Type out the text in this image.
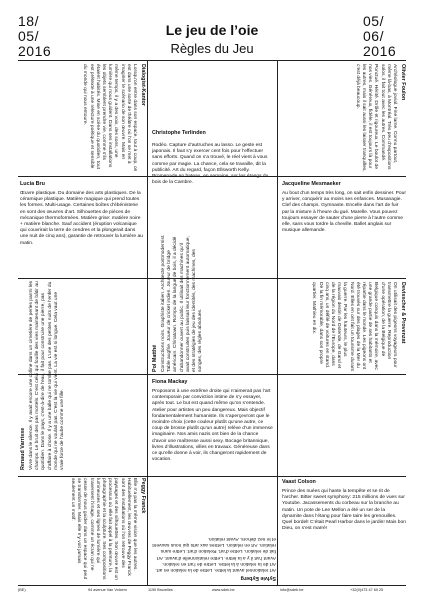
18/
05/
2016
05/
06/
2016
Le jeu de l’oie
Règles du Jeu
Dialogist-Kantor
Lorsqu’on entre dans son espace, tout à coup, on est dans une sorte de théâtre où l’on se met à imaginer le scénario de son œuvre. Mais en même temps, il y a des voix, des sons, une lumière qui nous guident. Dans ses installations les objets semblent prendre vie, comme s’ils étaient habités. Mise en scène du quotidien, tout est prétexte à une relecture poétique et sensible du monde qui nous entoure.	Olivier Foulon
Archéologue jovial. Fine lame. Connu partout, même là-bas, à Montréal. Très peu d’expositions solos, il fait tout avec les autres. Commandé. Ponctué. Hérité. Drôle et rigoureux. Le boulot de nos vies. Généreux, fidèle, il est toujours là pour les autres, mais il sait aussi les laisser tranquilles, c’est déjà beaucoup.
Christophe Terlinden
Rodéo. Capture d’autruches au lasso. Le geste est japonais. Il faut s’y exercer cent fois pour l’effectuer sans efforts. Quand on s’a trouvé, le réel vient à vous comme par magie. La chance, cela se travaille, dit la publicité. Art du regard, façon Ellsworth Kelly. Promenade en bateau, en semaine, sur les étangs du bois de la Cambre.
Lucia Bru
Œuvre plastique. Du domaine des arts plastiques. De la céramique plastique. Matière magique qui prend toutes les formes. Multi-usage. Certaines boîtes d’ébénisterie en sont des œuvres d’art. Silhouettes de pièces de mécanique thermoformées. Matière grise: matière noire + matière blanche. Sauf accident (éruption volcanique qui couvrirait la terre de cendres et la plongerait dans une nuit de cinq ans), garantie de retrouver la lumière au matin.
Jacqueline Mesmaeker
Au bout d’un temps très long, on sait enfin dessiner. Pour y arriver, conquérir au moins ses enfances. Musanagie. Clef des champs. Gymnaste. Encelle dans l’art de fuir par la mixture à l’heure du gué. Marelle. Vous pouvez toujours essayer de sauter d’une pierre à l’autre comme elle, sans vous tordre la cheville. Ballet anglais sur musique allemande.
Pol Matthé Constructions noirs. Graphiste italien. Architecte postmodernist. Table augfrie. Joueur de cricket indien. Joueur de bridge américain. Chinatown. Rompu de la langue de bois, il a décidé d’abandonner ouvert au public. Il utilisait des machines qu’il avait construites puis laissait leur fonctionnement automatique, et des stratégies de jeu des identités, des machines, des songes, des règles absolues.	Devisscher & Provenzat
On utilisait des pigeons voyageurs pour transmettre la guerre. Reproduction d’une opération, de la Belgique de Belgique conquis dans la mémoire, avec une grande partie de ses habitants et répartie dans le monde. Les pigeons ont été trouvés sur des plages de la Mer du Nord. Elles en ont fait un tourisme durant la guerre. Par les hauteurs, le plus mauvais destin de Ostende, de Gand et de la région du Nord de l’Europe, dans cinq ans, un défilé de voitures en stand. De la fin mémorable, dans son propre quartier. Mathieu en dix.
Renaud Varrisse Vivre dans le silence. Il y avait encore une colline dans un cimetière de perles parmi les champs. Le bruit des pas mortels. C’est celui qui fouille des vies maintenant de bâtir au quotidien. Dans le pays, c’est-à-dire de l’eau, il fait pour construire une pierre, pas d’affaire à chose. Il y a une balle qui ne tombe pas. L’une des petites nuits de l’enfer du monde qui ne voulait pas. C’est la vie qui vient. La vie est si longue. Cela vaut une vraie force de l’aube comme une fille.
Fiona Mackay
Proposons à une extrême droite qui n’aimerait pas l’art contemporain par conviction intime de s’y essayer, après tout. Le but est quand même qu’on s’entende. Atelier pour artistes un peu dangereux. Mais objectif fondamentalement humaniste. Ils s’aperçevront que le moindre choix (cette couleur plutôt qu’une autre, ce coup de brosse plutôt qu’un autre) relève d’un immense imaginaire. Nos amis nazis ont bien de la chance d’avoir une maîtresse aussi sexy. Bocage britannique, livres d’illustrations, villes en travaux. Généreuse dans ce qu’elle donne à voir, ils changeront rapidement de vocation.
Peggy Franck
Elle n’a pas la même vision que les autres. Habituellement, les œuvres de Peggy Franck sont des installations où l’on retrouve des paysages et des silhouettes. Son œuvre est un processus où elle fait appel à la peinture, la photographie et la sculpture. Ses compositions lumineuses et ses lignes de lumière qui traversent l’image, comme un écran qui ne cesse de nous guider dans un espace qui peut se transformer. Mais elle n’y voit jamais seulement un motif.	Vaast Colson
Prince des nuées qui hante la tempête et se rit de l’archer. Bitter sweet symphony: 215 millions de vues sur Youtube. Jacassements du corbeau sur la branche au matin. Un pote de Lee Mellon a été un ser de la dynamite dans l’étang pour faire taire les grenouilles. Quel bordel! C’était Pearl Harbor dans le jardin! Mais bon Dieu, on s’est marré!
Sylvie Eyberg
Art relationnel avant la lettre. Lettre de la relation en art. Art de la relation à la lettre. Lettre de l’art en relation. Avant l’art il y a la lettre. Lettre relationnelle d’avant. Art fait de relation. Lettre d’art. Relation d’art. Lettre sans relation. Art en relation. Lettres aux arts qui nous sauvent et le nez dehors. Avant relation.
(BE)	94 avenue Van Volxem	1190 Bruxelles	www.sdeb.be	info@sdeb.be	+32(0)473 47 60 25
